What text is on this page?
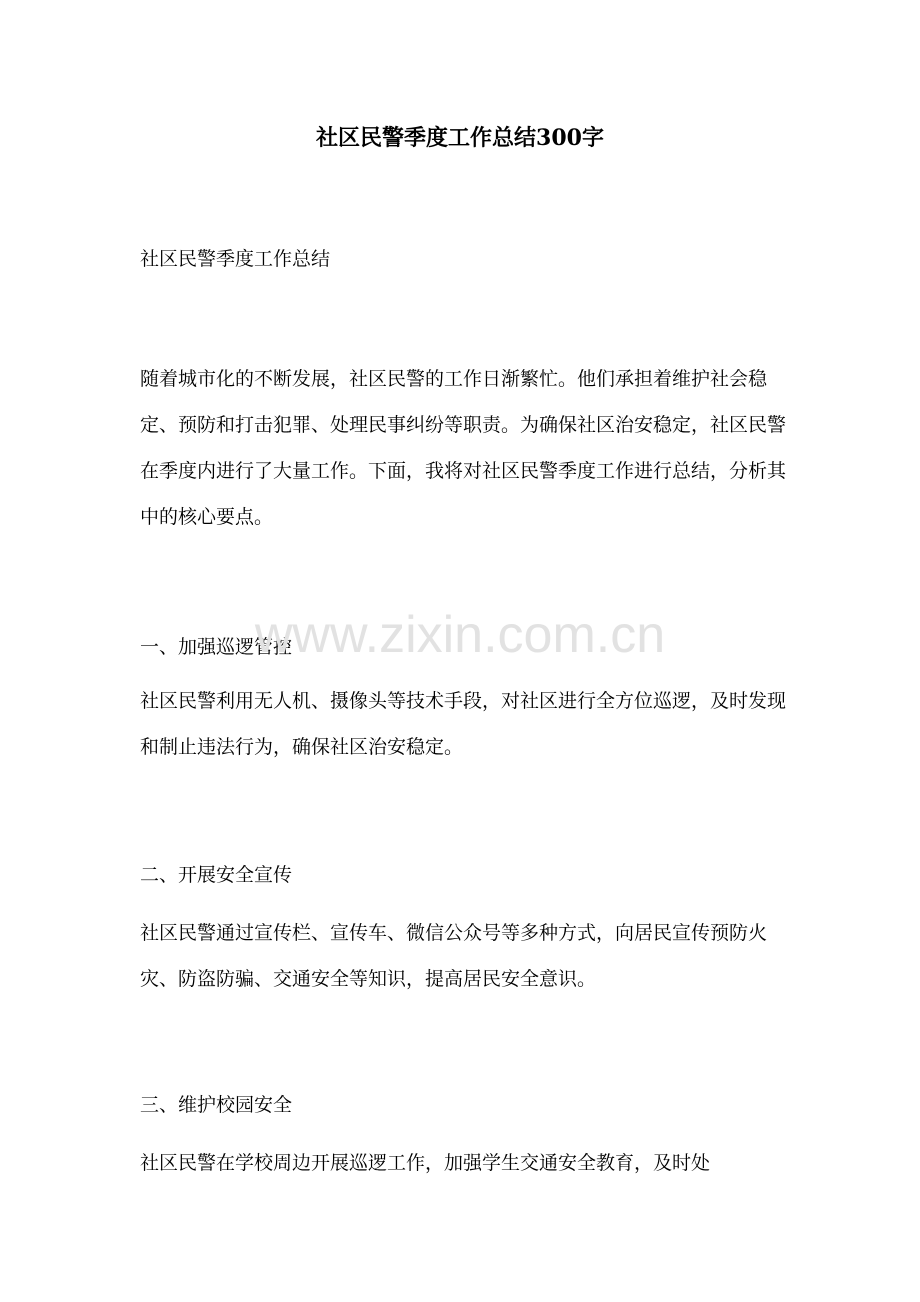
社区民警季度工作总结300字

社区民警季度工作总结

随着城市化的不断发展，社区民警的工作日渐繁忙。他们承担着维护社会稳定、预防和打击犯罪、处理民事纠纷等职责。为确保社区治安稳定，社区民警在季度内进行了大量工作。下面，我将对社区民警季度工作进行总结，分析其中的核心要点。

一、加强巡逻管控

社区民警利用无人机、摄像头等技术手段，对社区进行全方位巡逻，及时发现和制止违法行为，确保社区治安稳定。

二、开展安全宣传

社区民警通过宣传栏、宣传车、微信公众号等多种方式，向居民宣传预防火灾、防盗防骗、交通安全等知识，提高居民安全意识。

三、维护校园安全

社区民警在学校周边开展巡逻工作，加强学生交通安全教育，及时处

www.zixin.com.cn
